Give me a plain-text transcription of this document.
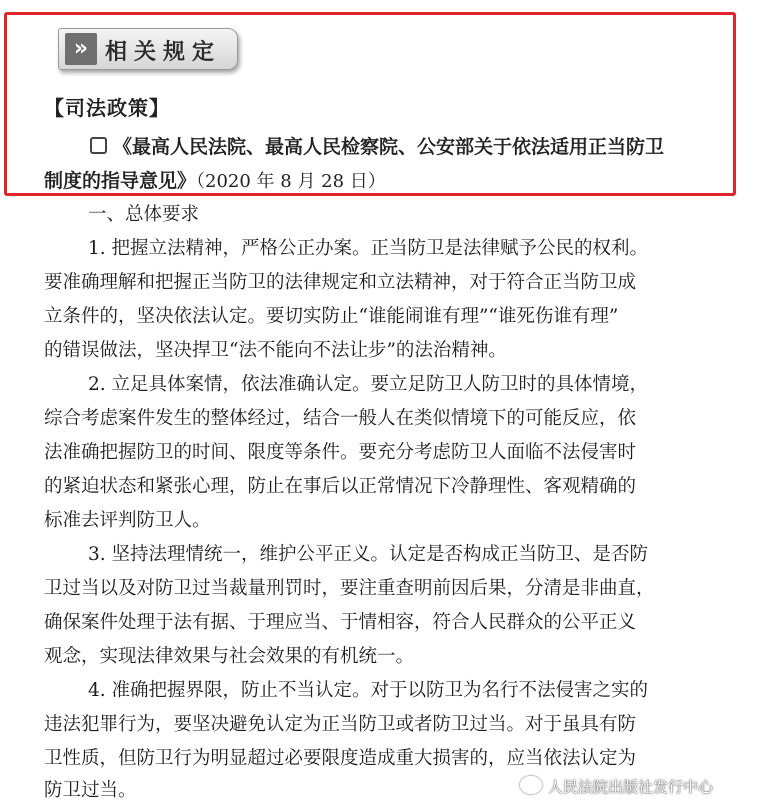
» 相关规定
【司法政策】
《最高人民法院、最高人民检察院、公安部关于依法适用正当防卫
制度的指导意见》（2020 年 8 月 28 日）
一、总体要求
1. 把握立法精神，严格公正办案。正当防卫是法律赋予公民的权利。
要准确理解和把握正当防卫的法律规定和立法精神，对于符合正当防卫成
立条件的，坚决依法认定。要切实防止“谁能闹谁有理”“谁死伤谁有理”
的错误做法，坚决捍卫“法不能向不法让步”的法治精神。
2. 立足具体案情，依法准确认定。要立足防卫人防卫时的具体情境，
综合考虑案件发生的整体经过，结合一般人在类似情境下的可能反应，依
法准确把握防卫的时间、限度等条件。要充分考虑防卫人面临不法侵害时
的紧迫状态和紧张心理，防止在事后以正常情况下冷静理性、客观精确的
标准去评判防卫人。
3. 坚持法理情统一，维护公平正义。认定是否构成正当防卫、是否防
卫过当以及对防卫过当裁量刑罚时，要注重查明前因后果，分清是非曲直，
确保案件处理于法有据、于理应当、于情相容，符合人民群众的公平正义
观念，实现法律效果与社会效果的有机统一。
4. 准确把握界限，防止不当认定。对于以防卫为名行不法侵害之实的
违法犯罪行为，要坚决避免认定为正当防卫或者防卫过当。对于虽具有防
卫性质，但防卫行为明显超过必要限度造成重大损害的，应当依法认定为
防卫过当。	人民法院出版社发行中心
